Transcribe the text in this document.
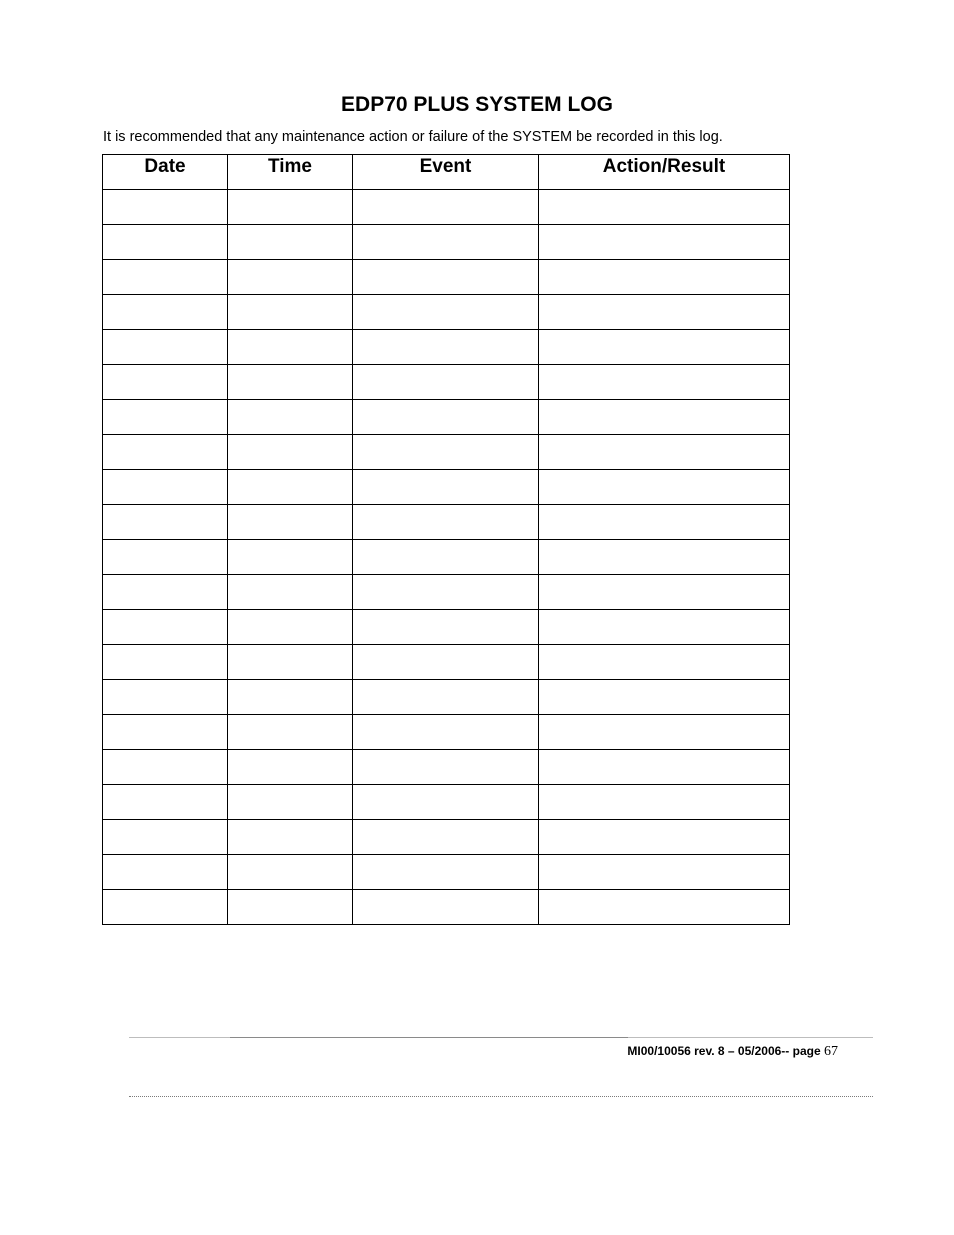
EDP70 PLUS SYSTEM LOG

It is recommended that any maintenance action or failure of the SYSTEM be recorded in this log.

Date	Time	Event	Action/Result

MI00/10056 rev. 8 – 05/2006-- page 67
